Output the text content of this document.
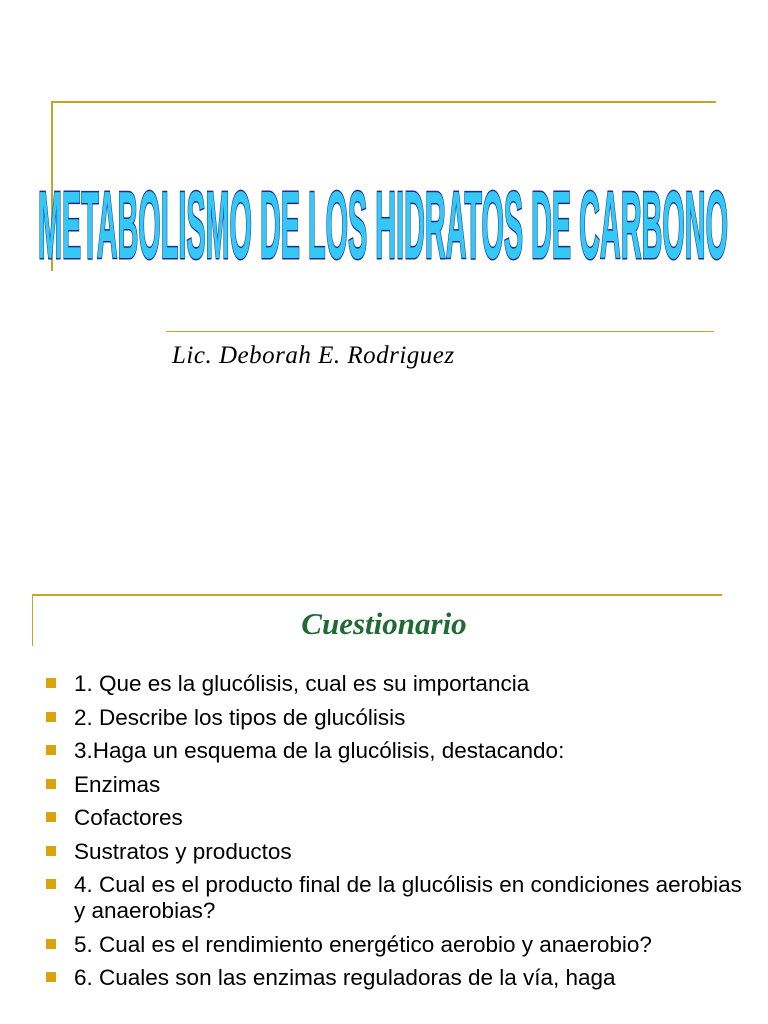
METABOLISMO DE LOS HIDRATOS DE CARBONO
Lic. Deborah E. Rodriguez
Cuestionario
1. Que es la glucólisis, cual es su importancia
2. Describe los tipos de glucólisis
3.Haga un esquema de la glucólisis, destacando:
Enzimas
Cofactores
Sustratos y productos
4. Cual es el producto final de la glucólisis en condiciones aerobias y anaerobias?
5. Cual es el rendimiento energético aerobio y anaerobio?
6. Cuales son las enzimas reguladoras de la vía, haga
